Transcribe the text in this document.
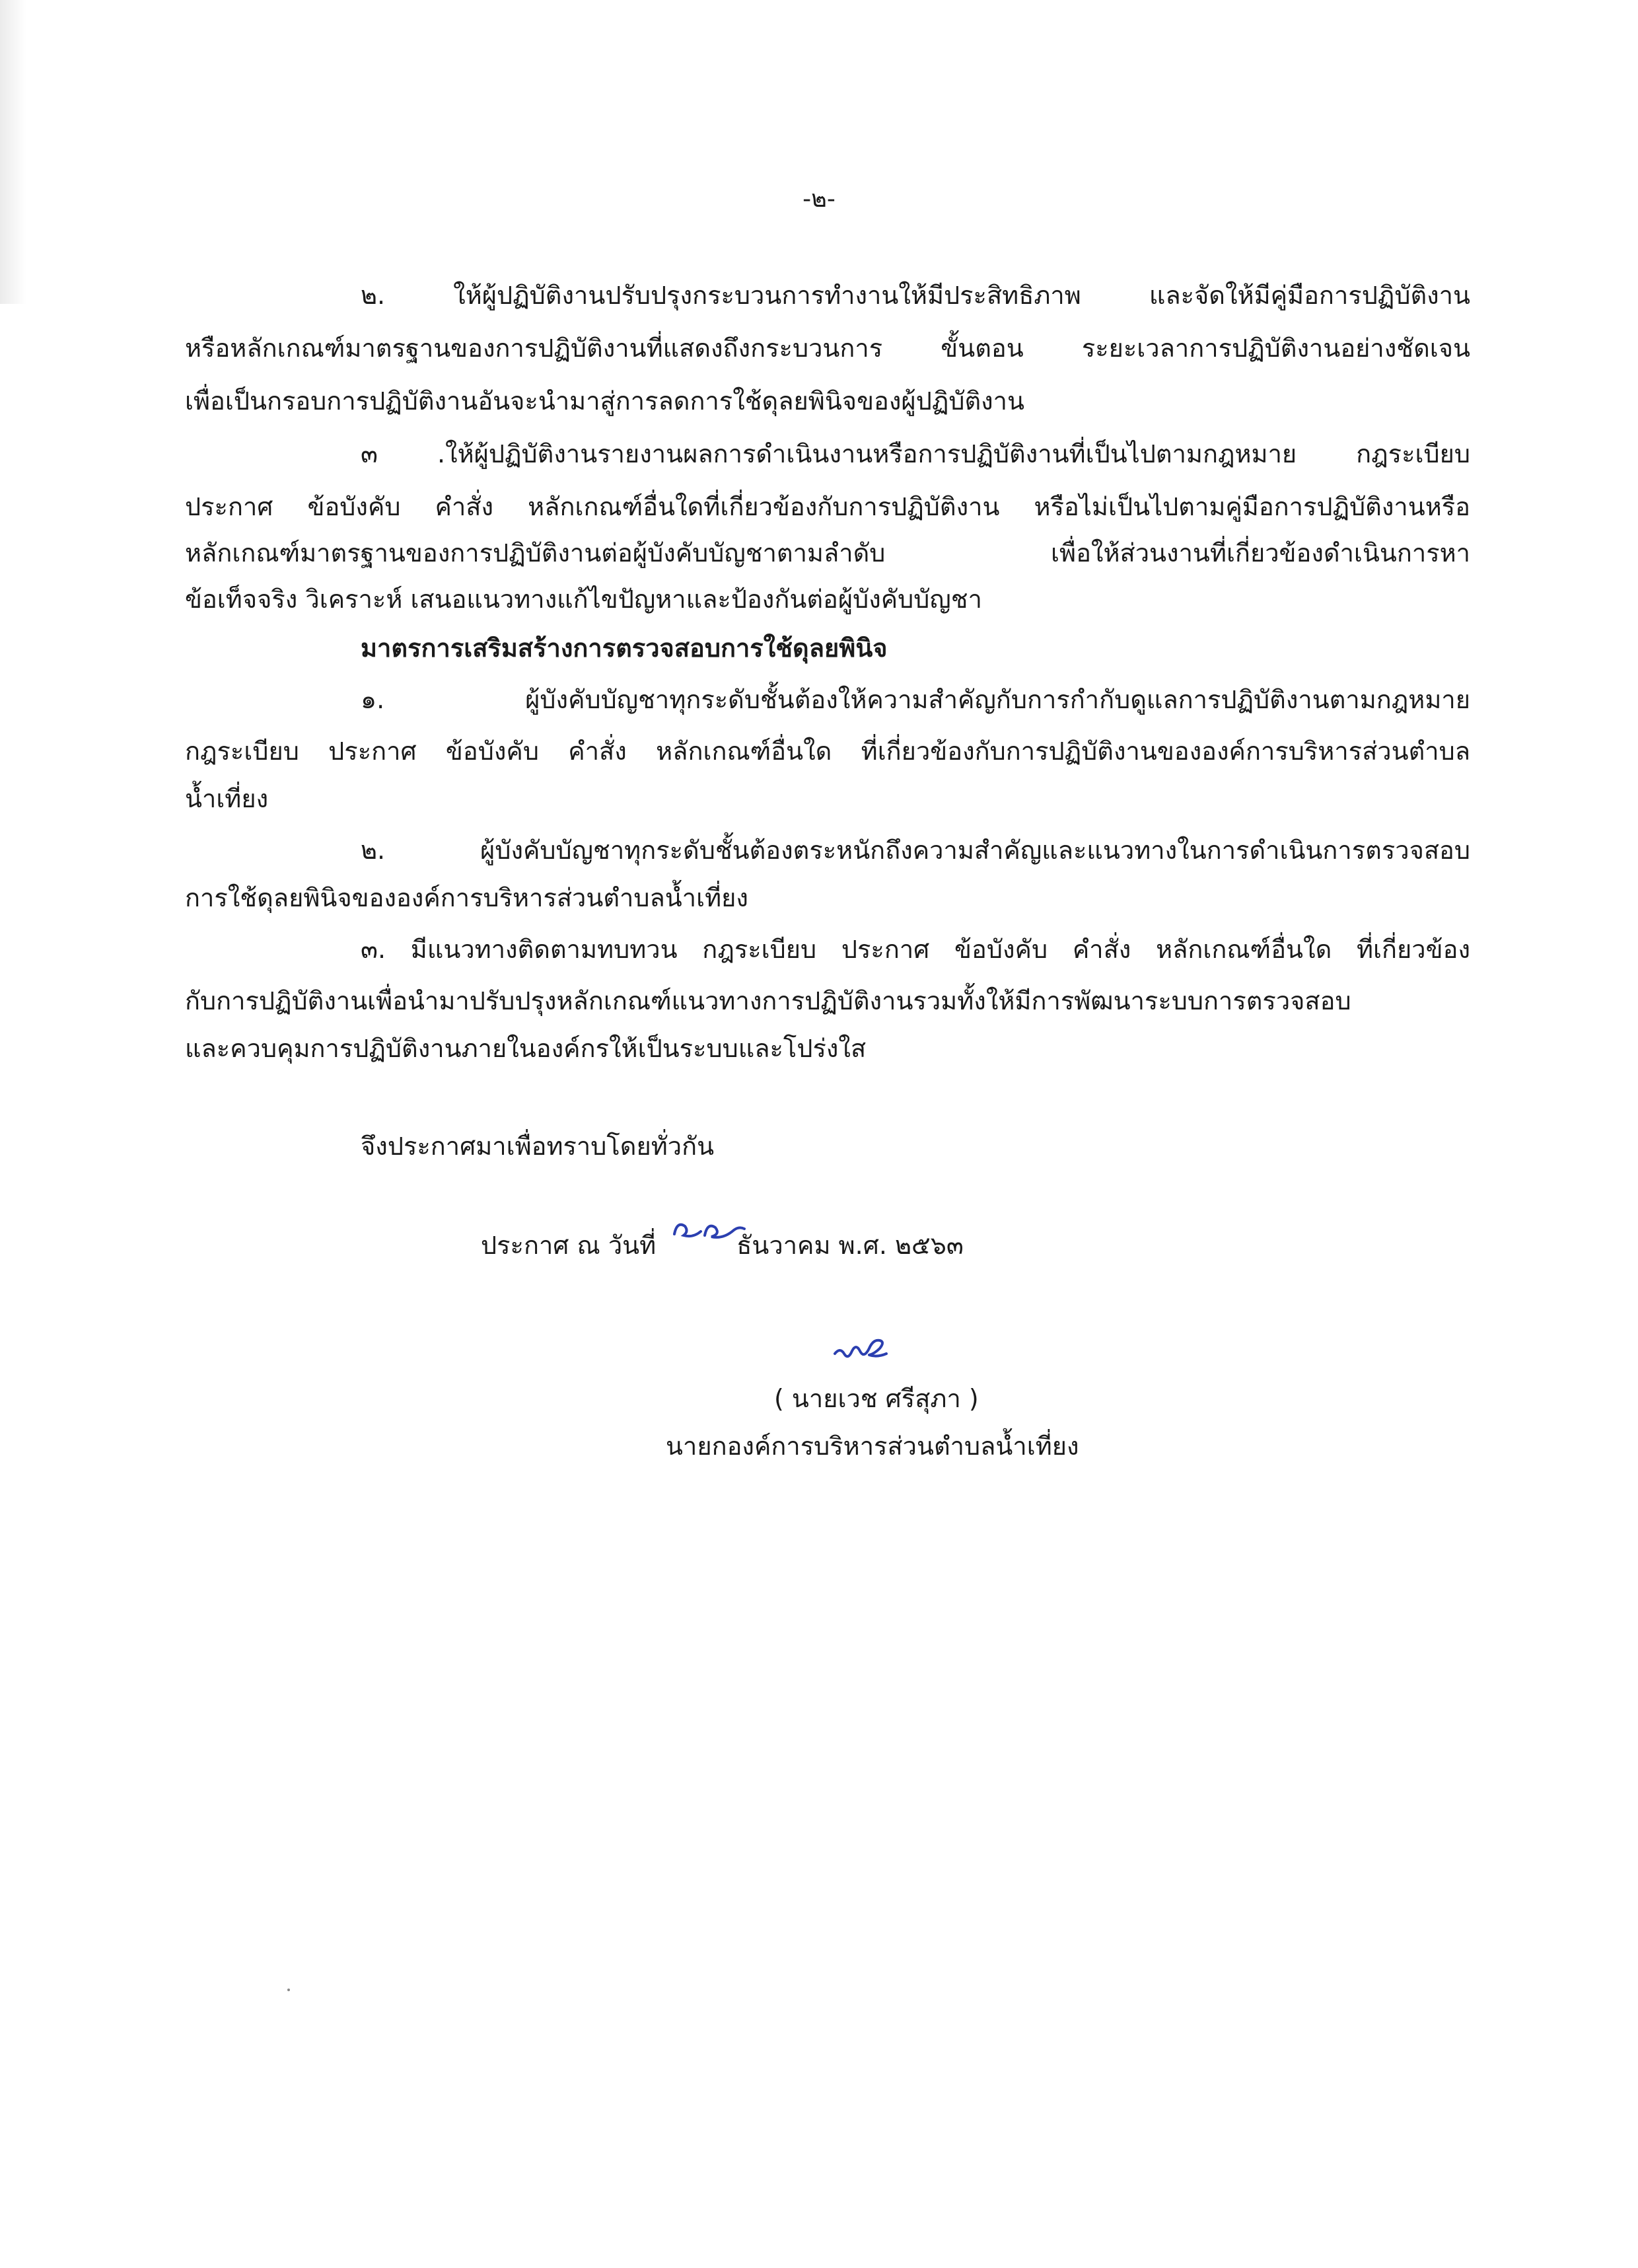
-๒-
๒. ให้ผู้ปฏิบัติงานปรับปรุงกระบวนการทำงานให้มีประสิทธิภาพ และจัดให้มีคู่มือการปฏิบัติงาน
หรือหลักเกณฑ์มาตรฐานของการปฏิบัติงานที่แสดงถึงกระบวนการ ขั้นตอน ระยะเวลาการปฏิบัติงานอย่างชัดเจน
เพื่อเป็นกรอบการปฏิบัติงานอันจะนำมาสู่การลดการใช้ดุลยพินิจของผู้ปฏิบัติงาน
๓ .ให้ผู้ปฏิบัติงานรายงานผลการดำเนินงานหรือการปฏิบัติงานที่เป็นไปตามกฎหมาย กฎระเบียบ
ประกาศ ข้อบังคับ คำสั่ง หลักเกณฑ์อื่นใดที่เกี่ยวข้องกับการปฏิบัติงาน หรือไม่เป็นไปตามคู่มือการปฏิบัติงานหรือ
หลักเกณฑ์มาตรฐานของการปฏิบัติงานต่อผู้บังคับบัญชาตามลำดับ เพื่อให้ส่วนงานที่เกี่ยวข้องดำเนินการหา
ข้อเท็จจริง วิเคราะห์ เสนอแนวทางแก้ไขปัญหาและป้องกันต่อผู้บังคับบัญชา
มาตรการเสริมสร้างการตรวจสอบการใช้ดุลยพินิจ
๑. ผู้บังคับบัญชาทุกระดับชั้นต้องให้ความสำคัญกับการกำกับดูแลการปฏิบัติงานตามกฎหมาย
กฎระเบียบ ประกาศ ข้อบังคับ คำสั่ง หลักเกณฑ์อื่นใด ที่เกี่ยวข้องกับการปฏิบัติงานขององค์การบริหารส่วนตำบล
น้ำเที่ยง
๒. ผู้บังคับบัญชาทุกระดับชั้นต้องตระหนักถึงความสำคัญและแนวทางในการดำเนินการตรวจสอบ
การใช้ดุลยพินิจขององค์การบริหารส่วนตำบลน้ำเที่ยง
๓. มีแนวทางติดตามทบทวน กฎระเบียบ ประกาศ ข้อบังคับ คำสั่ง หลักเกณฑ์อื่นใด ที่เกี่ยวข้อง
กับการปฏิบัติงานเพื่อนำมาปรับปรุงหลักเกณฑ์แนวทางการปฏิบัติงานรวมทั้งให้มีการพัฒนาระบบการตรวจสอบ
และควบคุมการปฏิบัติงานภายในองค์กรให้เป็นระบบและโปร่งใส
จึงประกาศมาเพื่อทราบโดยทั่วกัน
ประกาศ ณ วันที่	ธันวาคม พ.ศ. ๒๕๖๓
( นายเวช ศรีสุภา )
นายกองค์การบริหารส่วนตำบลน้ำเที่ยง
